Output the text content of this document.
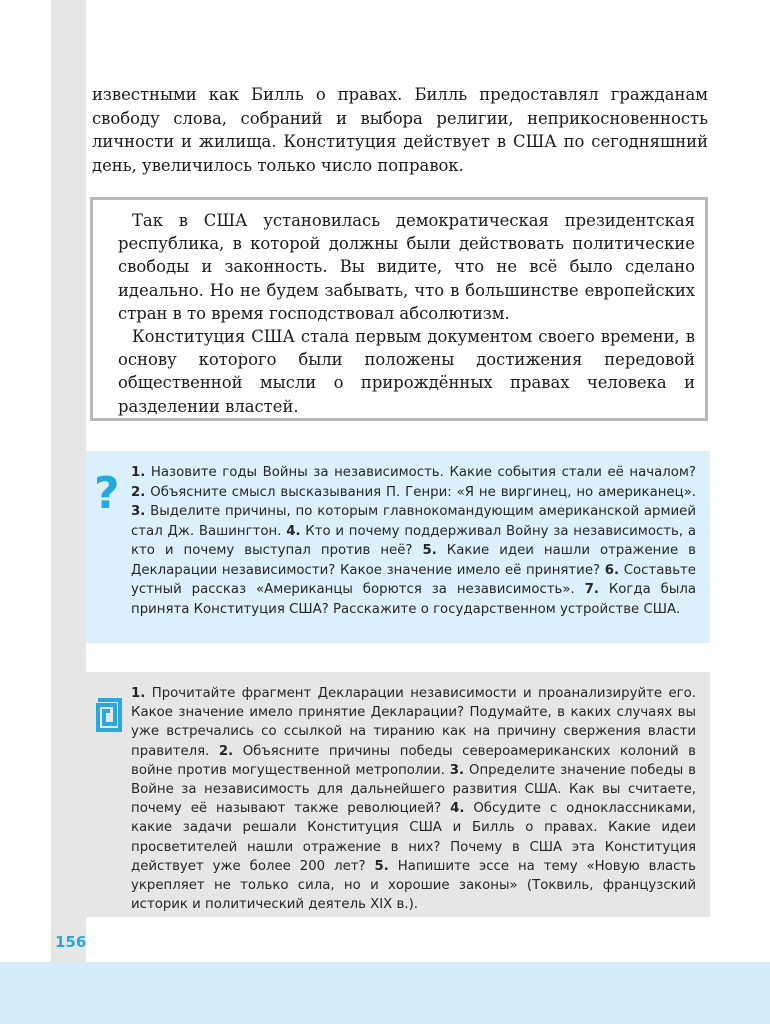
известными как Билль о правах. Билль предоставлял гражданам свободу слова, собраний и выбора религии, неприкосновенность личности и жилища. Конституция действует в США по сегодняшний день, увеличилось только число поправок.

Так в США установилась демократическая президентская республика, в которой должны были действовать политические свободы и законность. Вы видите, что не всё было сделано идеально. Но не будем забывать, что в большинстве европейских стран в то время господствовал абсолютизм.

Конституция США стала первым документом своего времени, в основу которого были положены достижения передовой общественной мысли о прирождённых правах человека и разделении властей.

1. Назовите годы Войны за независимость. Какие события стали её началом? 2. Объясните смысл высказывания П. Генри: «Я не виргинец, но американец». 3. Выделите причины, по которым главнокомандующим американской армией стал Дж. Вашингтон. 4. Кто и почему поддерживал Войну за независимость, а кто и почему выступал против неё? 5. Какие идеи нашли отражение в Декларации независимости? Какое значение имело её принятие? 6. Составьте устный рассказ «Американцы борются за независимость». 7. Когда была принята Конституция США? Расскажите о государственном устройстве США.
?
1. Прочитайте фрагмент Декларации независимости и проанализируйте его. Какое значение имело принятие Декларации? Подумайте, в каких случаях вы уже встречались со ссылкой на тиранию как на причину свержения власти правителя. 2. Объясните причины победы североамериканских колоний в войне против могущественной метрополии. 3. Определите значение победы в Войне за независимость для дальнейшего развития США. Как вы считаете, почему её называют также революцией? 4. Обсудите с одноклассниками, какие задачи решали Конституция США и Билль о правах. Какие идеи просветителей нашли отражение в них? Почему в США эта Конституция действует уже более 200 лет? 5. Напишите эссе на тему «Новую власть укрепляет не только сила, но и хорошие законы» (Токвиль, французский историк и политический деятель XIX в.).
156
